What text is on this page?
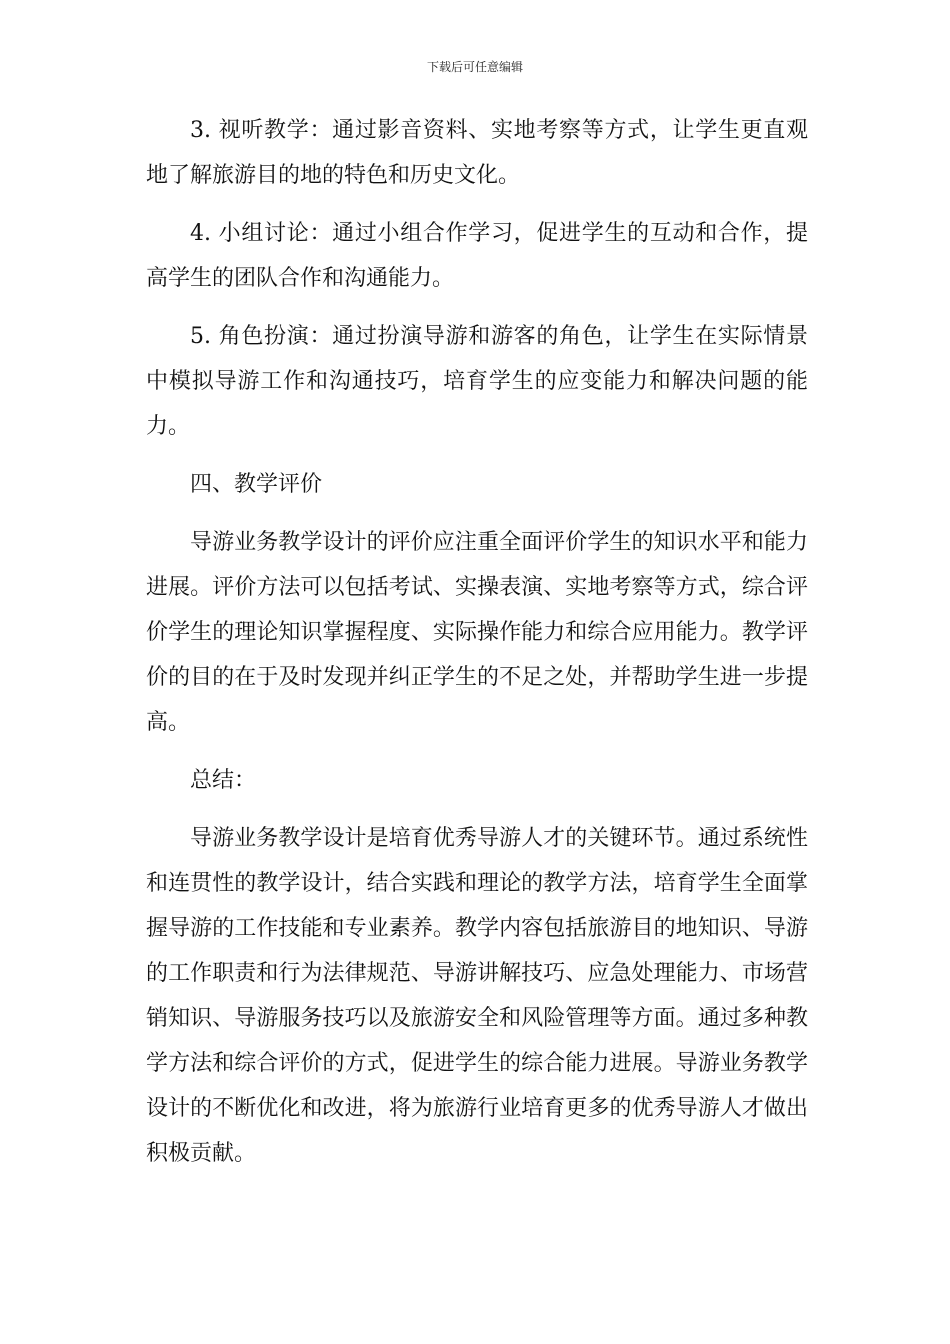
下载后可任意编辑

3. 视听教学：通过影音资料、实地考察等方式，让学生更直观地了解旅游目的地的特色和历史文化。

4. 小组讨论：通过小组合作学习，促进学生的互动和合作，提高学生的团队合作和沟通能力。

5. 角色扮演：通过扮演导游和游客的角色，让学生在实际情景中模拟导游工作和沟通技巧，培育学生的应变能力和解决问题的能力。

四、教学评价

导游业务教学设计的评价应注重全面评价学生的知识水平和能力进展。评价方法可以包括考试、实操表演、实地考察等方式，综合评价学生的理论知识掌握程度、实际操作能力和综合应用能力。教学评价的目的在于及时发现并纠正学生的不足之处，并帮助学生进一步提高。

总结：

导游业务教学设计是培育优秀导游人才的关键环节。通过系统性和连贯性的教学设计，结合实践和理论的教学方法，培育学生全面掌握导游的工作技能和专业素养。教学内容包括旅游目的地知识、导游的工作职责和行为法律规范、导游讲解技巧、应急处理能力、市场营销知识、导游服务技巧以及旅游安全和风险管理等方面。通过多种教学方法和综合评价的方式，促进学生的综合能力进展。导游业务教学设计的不断优化和改进，将为旅游行业培育更多的优秀导游人才做出积极贡献。
